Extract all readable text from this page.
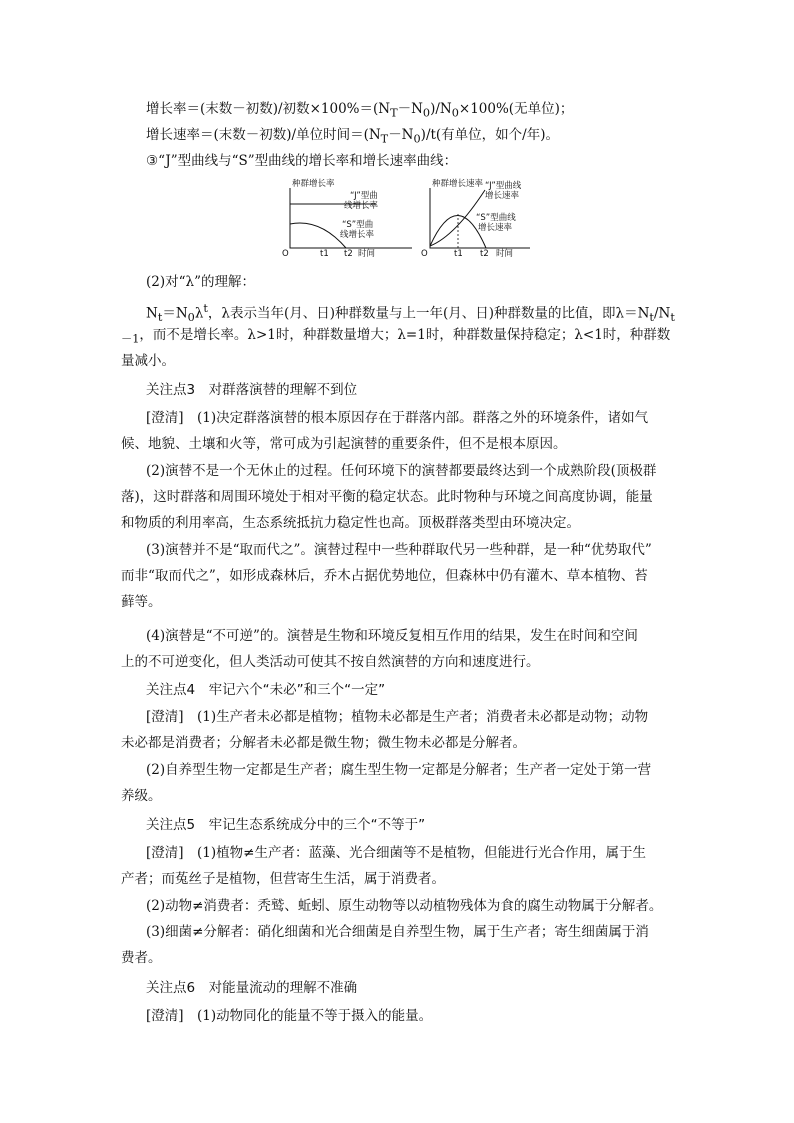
增长率＝(末数－初数)/初数$\times 100\%=(N_T-N_0)/N_0\times 100\%$(无单位)；
增长速率＝(末数－初数)/单位时间$=(N_T-N_0)/t$(有单位，如个/年)。
③“J”型曲线与“S”型曲线的增长率和增长速率曲线：
种群增长率
“J”型曲
线增长率
“S”型曲
线增长率
O	t1 t2 时间
种群增长速率 “J”型曲线
增长速率
“S”型曲线
增长速率
O	t1 t2 时间
(2)对“λ”的理解：
$N_t=N_0\lambda^t$，λ表示当年(月、日)种群数量与上一年(月、日)种群数量的比值，即$\lambda=N_t/N_t$
$_{-1}$，而不是增长率。λ>1时，种群数量增大；λ=1时，种群数量保持稳定；λ<1时，种群数
量减小。
关注点3　对群落演替的理解不到位
[澄清]　(1)决定群落演替的根本原因存在于群落内部。群落之外的环境条件，诸如气
候、地貌、土壤和火等，常可成为引起演替的重要条件，但不是根本原因。
(2)演替不是一个无休止的过程。任何环境下的演替都要最终达到一个成熟阶段(顶极群
落)，这时群落和周围环境处于相对平衡的稳定状态。此时物种与环境之间高度协调，能量
和物质的利用率高，生态系统抵抗力稳定性也高。顶极群落类型由环境决定。
(3)演替并不是“取而代之”。演替过程中一些种群取代另一些种群，是一种“优势取代”
而非“取而代之”，如形成森林后，乔木占据优势地位，但森林中仍有灌木、草本植物、苔
藓等。
(4)演替是“不可逆”的。演替是生物和环境反复相互作用的结果，发生在时间和空间
上的不可逆变化，但人类活动可使其不按自然演替的方向和速度进行。
关注点4　牢记六个“未必”和三个“一定”
[澄清]　(1)生产者未必都是植物；植物未必都是生产者；消费者未必都是动物；动物
未必都是消费者；分解者未必都是微生物；微生物未必都是分解者。
(2)自养型生物一定都是生产者；腐生型生物一定都是分解者；生产者一定处于第一营
养级。
关注点5　牢记生态系统成分中的三个“不等于”
[澄清]　(1)植物≠生产者：蓝藻、光合细菌等不是植物，但能进行光合作用，属于生
产者；而菟丝子是植物，但营寄生生活，属于消费者。
(2)动物≠消费者：秃鹫、蚯蚓、原生动物等以动植物残体为食的腐生动物属于分解者。
(3)细菌≠分解者：硝化细菌和光合细菌是自养型生物，属于生产者；寄生细菌属于消
费者。
关注点6　对能量流动的理解不准确
[澄清]　(1)动物同化的能量不等于摄入的能量。
